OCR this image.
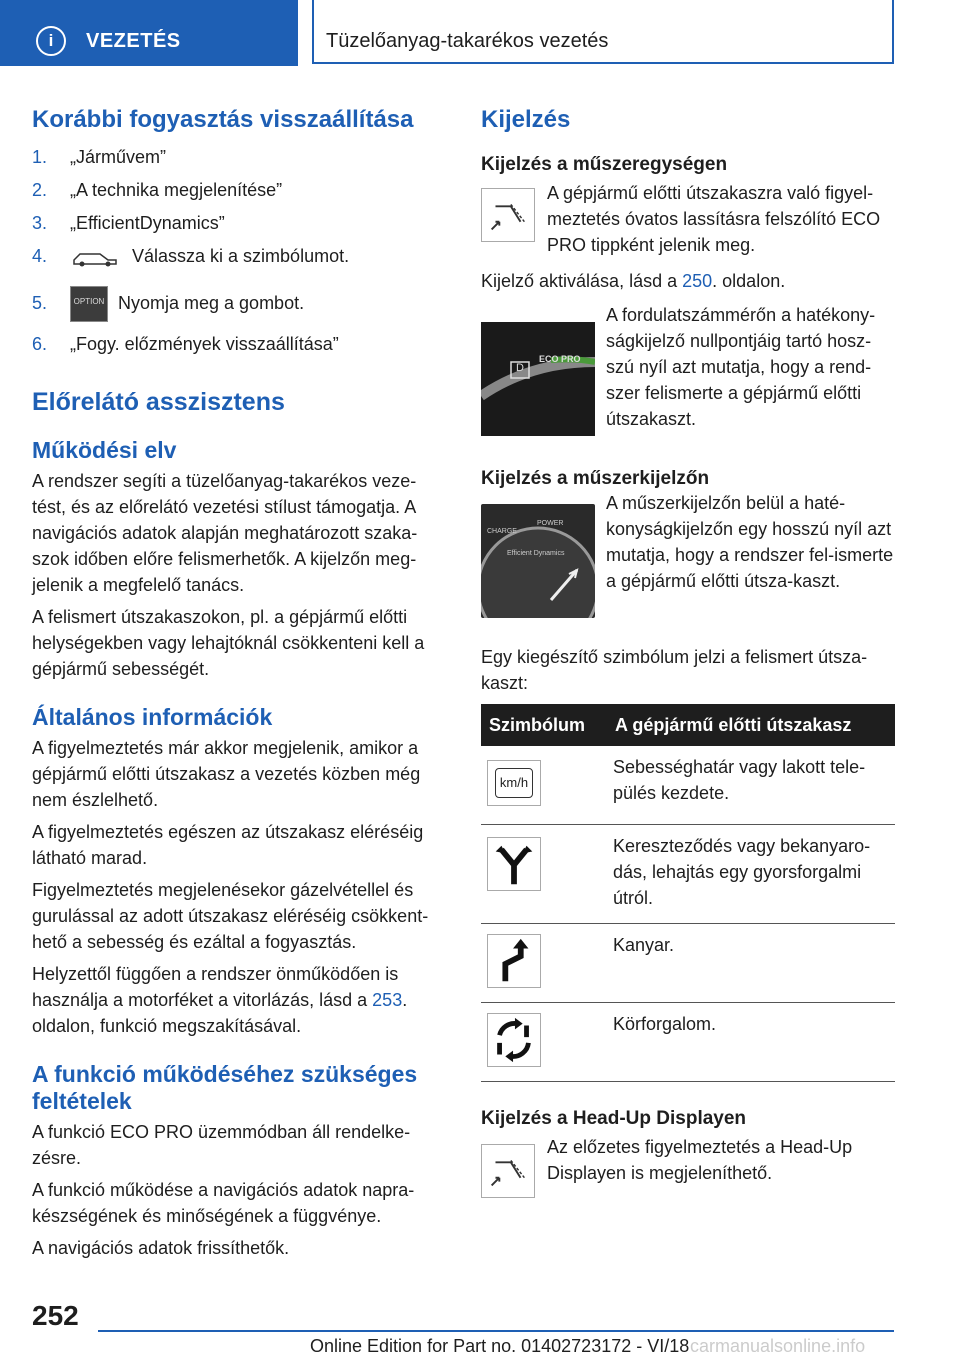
i	VEZETÉS	Tüzelőanyag-takarékos vezetés
Korábbi fogyasztás visszaállítása
1. „Járművem”
2. „A technika megjelenítése”
3. „EfficientDynamics”
4.	Válassza ki a szimbólumot.
5.	OPTION Nyomja meg a gombot.
6. „Fogy. előzmények visszaállítása”
Előrelátó asszisztens
Működési elv

A rendszer segíti a tüzelőanyag-takarékos veze-tést, és az előrelátó vezetési stílust támogatja. A navigációs adatok alapján meghatározott szaka-szok időben előre felismerhetők. A kijelzőn meg-jelenik a megfelelő tanács.

A felismert útszakaszokon, pl. a gépjármű előtti helységekben vagy lehajtóknál csökkenteni kell a gépjármű sebességét.

Általános információk

A figyelmeztetés már akkor megjelenik, amikor a gépjármű előtti útszakasz a vezetés közben még nem észlelhető.

A figyelmeztetés egészen az útszakasz eléréséig látható marad.

Figyelmeztetés megjelenésekor gázelvétellel és gurulással az adott útszakasz eléréséig csökkent-hető a sebesség és ezáltal a fogyasztás.

Helyzettől függően a rendszer önműködően is használja a motorféket a vitorlázás, lásd a 253. oldalon, funkció megszakításával.

A funkció működéséhez szükséges feltételek

A funkció ECO PRO üzemmódban áll rendelke-zésre.

A funkció működése a navigációs adatok napra-készségének és minőségének a függvénye.

A navigációs adatok frissíthetők.

Kijelzés
Kijelzés a műszeregységen

A gépjármű előtti útszakaszra való figyel-meztetés óvatos lassításra felszólító ECO PRO tippként jelenik meg.

Kijelző aktiválása, lásd a 250. oldalon.

D
ECO PRO

A fordulatszámmérőn a hatékony-ságkijelző nullpontjáig tartó hosz-szú nyíl azt mutatja, hogy a rend-szer felismerte a gépjármű előtti útszakaszt.

Kijelzés a műszerkijelzőn
CHARGE
POWER
Efficient Dynamics

A műszerkijelzőn belül a haté-konyságkijelzőn egy hosszú nyíl azt mutatja, hogy a rendszer fel-ismerte a gépjármű előtti útsza-kaszt.

Egy kiegészítő szimbólum jelzi a felismert útsza-kaszt:

Szimbólum	A gépjármű előtti útszakasz

km/h	Sebességhatár vagy lakott tele-pülés kezdete.

	Kereszteződés vagy bekanyaro-dás, lehajtás egy gyorsforgalmi útról.

	Kanyar.

	Körforgalom.
Kijelzés a Head-Up Displayen

Az előzetes figyelmeztetés a Head-Up Displayen is megjeleníthető.

252
Online Edition for Part no. 01402723172 - VI/18 carmanualsonline.info
